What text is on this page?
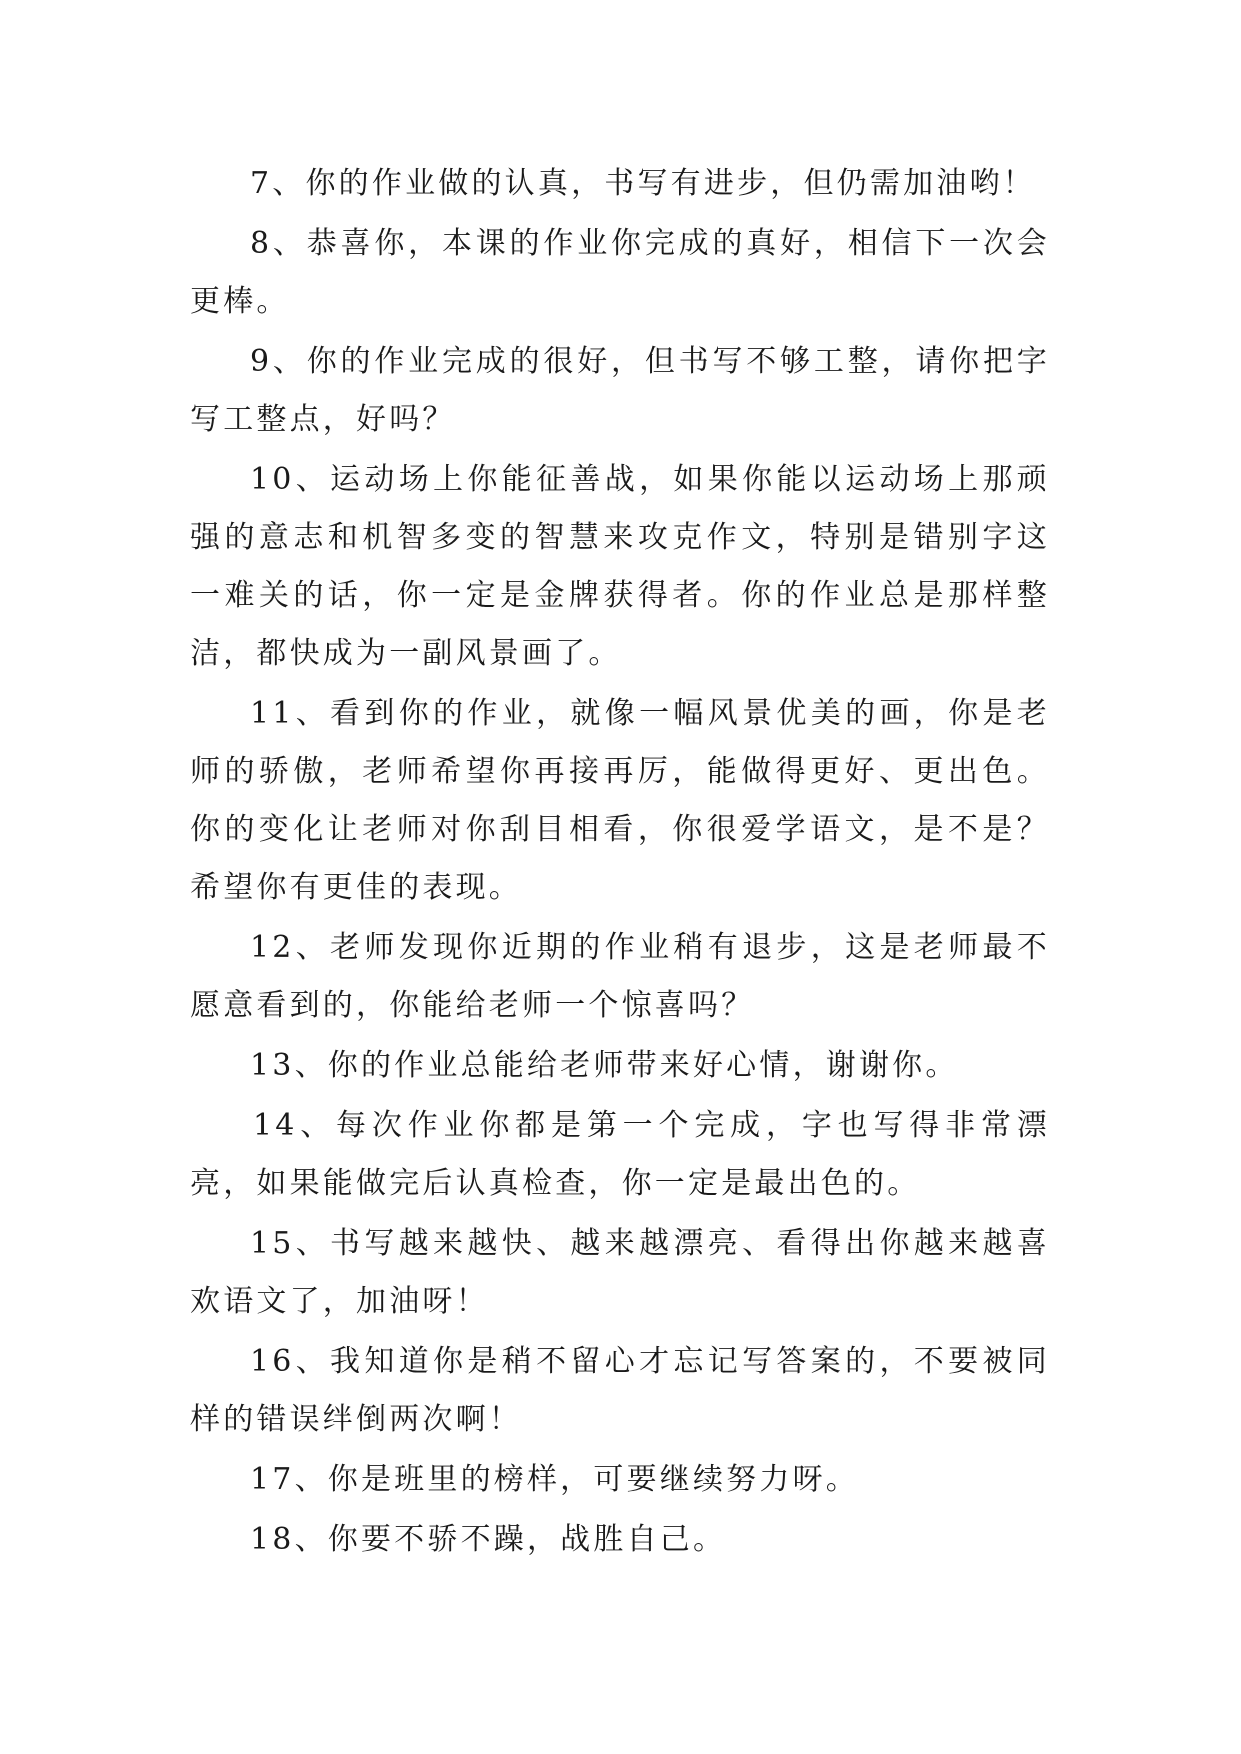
7、你的作业做的认真，书写有进步，但仍需加油哟！

8、恭喜你，本课的作业你完成的真好，相信下一次会更棒。

9、你的作业完成的很好，但书写不够工整，请你把字写工整点，好吗？

10、运动场上你能征善战，如果你能以运动场上那顽强的意志和机智多变的智慧来攻克作文，特别是错别字这一难关的话，你一定是金牌获得者。你的作业总是那样整洁，都快成为一副风景画了。

11、看到你的作业，就像一幅风景优美的画，你是老师的骄傲，老师希望你再接再厉，能做得更好、更出色。 你的变化让老师对你刮目相看，你很爱学语文，是不是？希望你有更佳的表现。

12、老师发现你近期的作业稍有退步，这是老师最不愿意看到的，你能给老师一个惊喜吗？

13、你的作业总能给老师带来好心情，谢谢你。

14、每次作业你都是第一个完成，字也写得非常漂亮，如果能做完后认真检查，你一定是最出色的。

15、书写越来越快、越来越漂亮、看得出你越来越喜欢语文了，加油呀！

16、我知道你是稍不留心才忘记写答案的，不要被同样的错误绊倒两次啊！

17、你是班里的榜样，可要继续努力呀。

18、你要不骄不躁，战胜自己。
